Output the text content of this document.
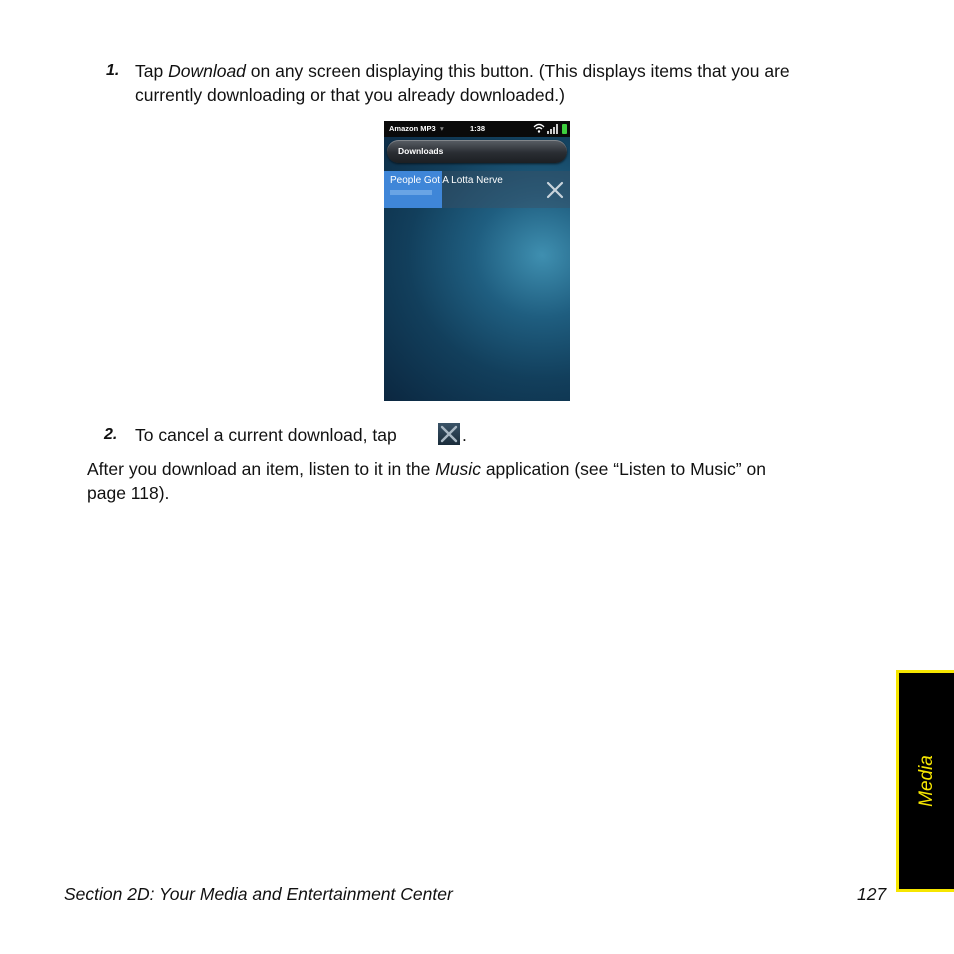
1. Tap Download on any screen displaying this button. (This displays items that you are
currently downloading or that you already downloaded.)
Amazon MP3 ▾	1:38
Downloads
People Got A Lotta Nerve
2. To cancel a current download, tap	.
After you download an item, listen to it in the Music application (see “Listen to Music” on
page 118).
Media
Section 2D: Your Media and Entertainment Center	127
